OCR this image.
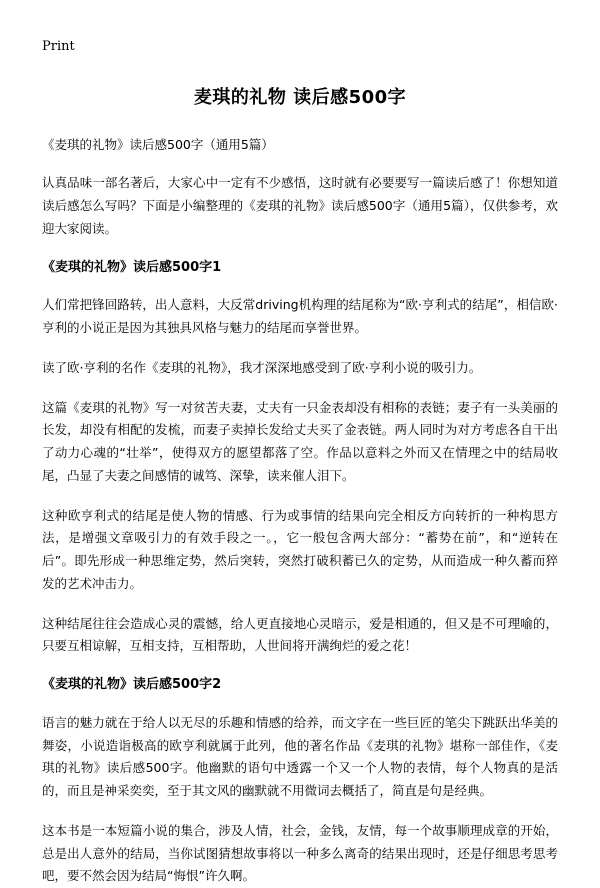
Print
麦琪的礼物 读后感500字
《麦琪的礼物》读后感500字（通用5篇）

认真品味一部名著后，大家心中一定有不少感悟，这时就有必要要写一篇读后感了！你想知道读后感怎么写吗？下面是小编整理的《麦琪的礼物》读后感500字（通用5篇），仅供参考，欢迎大家阅读。

《麦琪的礼物》读后感500字1

人们常把锋回路转，出人意料，大反常driving机构理的结尾称为“欧·亨利式的结尾”，相信欧·亨利的小说正是因为其独具风格与魅力的结尾而享誉世界。

读了欧·亨利的名作《麦琪的礼物》，我才深深地感受到了欧·亨利小说的吸引力。

这篇《麦琪的礼物》写一对贫苦夫妻，丈夫有一只金表却没有相称的表链；妻子有一头美丽的长发，却没有相配的发梳，而妻子卖掉长发给丈夫买了金表链。两人同时为对方考虑各自干出了动力心魂的“壮举”，使得双方的愿望都落了空。作品以意料之外而又在情理之中的结局收尾，凸显了夫妻之间感情的诚笃、深挚，读来催人泪下。

这种欧亨利式的结尾是使人物的情感、行为或事情的结果向完全相反方向转折的一种构思方法，是增强文章吸引力的有效手段之一。，它一般包含两大部分：“蓄势在前”，和“逆转在后”。即先形成一种思维定势，然后突转，突然打破积蓄已久的定势，从而造成一种久蓄而猝发的艺术冲击力。

这种结尾往往会造成心灵的震憾，给人更直接地心灵暗示，爱是相通的，但又是不可理喻的，只要互相谅解，互相支持，互相帮助，人世间将开满绚烂的爱之花！

《麦琪的礼物》读后感500字2

语言的魅力就在于给人以无尽的乐趣和情感的给养，而文字在一些巨匠的笔尖下跳跃出华美的舞姿，小说造诣极高的欧亨利就属于此列，他的著名作品《麦琪的礼物》堪称一部佳作，《麦琪的礼物》读后感500字。他幽默的语句中透露一个又一个人物的表情，每个人物真的是活的，而且是神采奕奕，至于其文风的幽默就不用微词去概括了，简直是句是经典。

这本书是一本短篇小说的集合，涉及人情，社会，金钱，友情，每一个故事顺理成章的开始，总是出人意外的结局，当你试图猜想故事将以一种多么离奇的结果出现时，还是仔细思考思考吧，要不然会因为结局“悔恨”许久啊。
